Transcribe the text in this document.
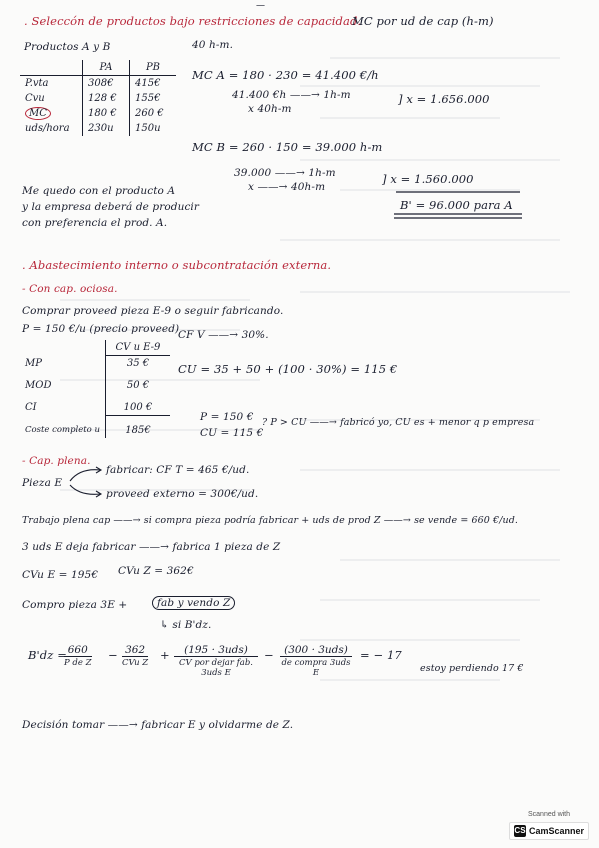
—
. Seleccón de productos bajo restricciones de capacidad.
MC por ud de cap (h-m)
Productos A y B	40 h-m.
	PA	PB
P.vta	308€	415€
Cvu	128 €	155€
MC	180 €	260 €
uds/hora	230u	150u
MC A = 180 · 230 = 41.400 €/h
41.400 €h ——→ 1h-m
x 40h-m
] x = 1.656.000
MC B = 260 · 150 = 39.000 h-m
39.000 ——→ 1h-m
x ——→ 40h-m
] x = 1.560.000
Me quedo con el producto A
y la empresa deberá de producir
con preferencia el prod. A.
B' = 96.000 para A
. Abastecimiento interno o subcontratación externa.
- Con cap. ociosa.
Comprar proveed pieza E-9 o seguir fabricando.
P = 150 €/u (precio proveed)
	CV u E-9
MP	35 €
MOD	50 €
CI	100 €
Coste completo u	185€
CF V ——→ 30%.
CU = 35 + 50 + (100 · 30%) = 115 €
P = 150 €
CU = 115 €
? P > CU ——→ fabricó yo, CU es + menor q p empresa
- Cap. plena.
Pieza E
fabricar: CF T = 465 €/ud.
proveed externo = 300€/ud.
Trabajo plena cap ——→ si compra pieza podría fabricar + uds de prod Z ——→ se vende = 660 €/ud.
3 uds E deja fabricar ——→ fabrica 1 pieza de Z
CVu E = 195€ CVu Z = 362€
Compro pieza 3E +	fab y vendo Z
↳ si B'dz.
B'dz = 660
P de Z
− 362
CVu Z
+	(195 · 3uds)
CV por dejar fab. 3uds E
− (300 · 3uds)
de compra 3uds E
= − 17
estoy perdiendo 17 €
Decisión tomar ——→ fabricar E y olvidarme de Z.
Scanned with
CS CamScanner
